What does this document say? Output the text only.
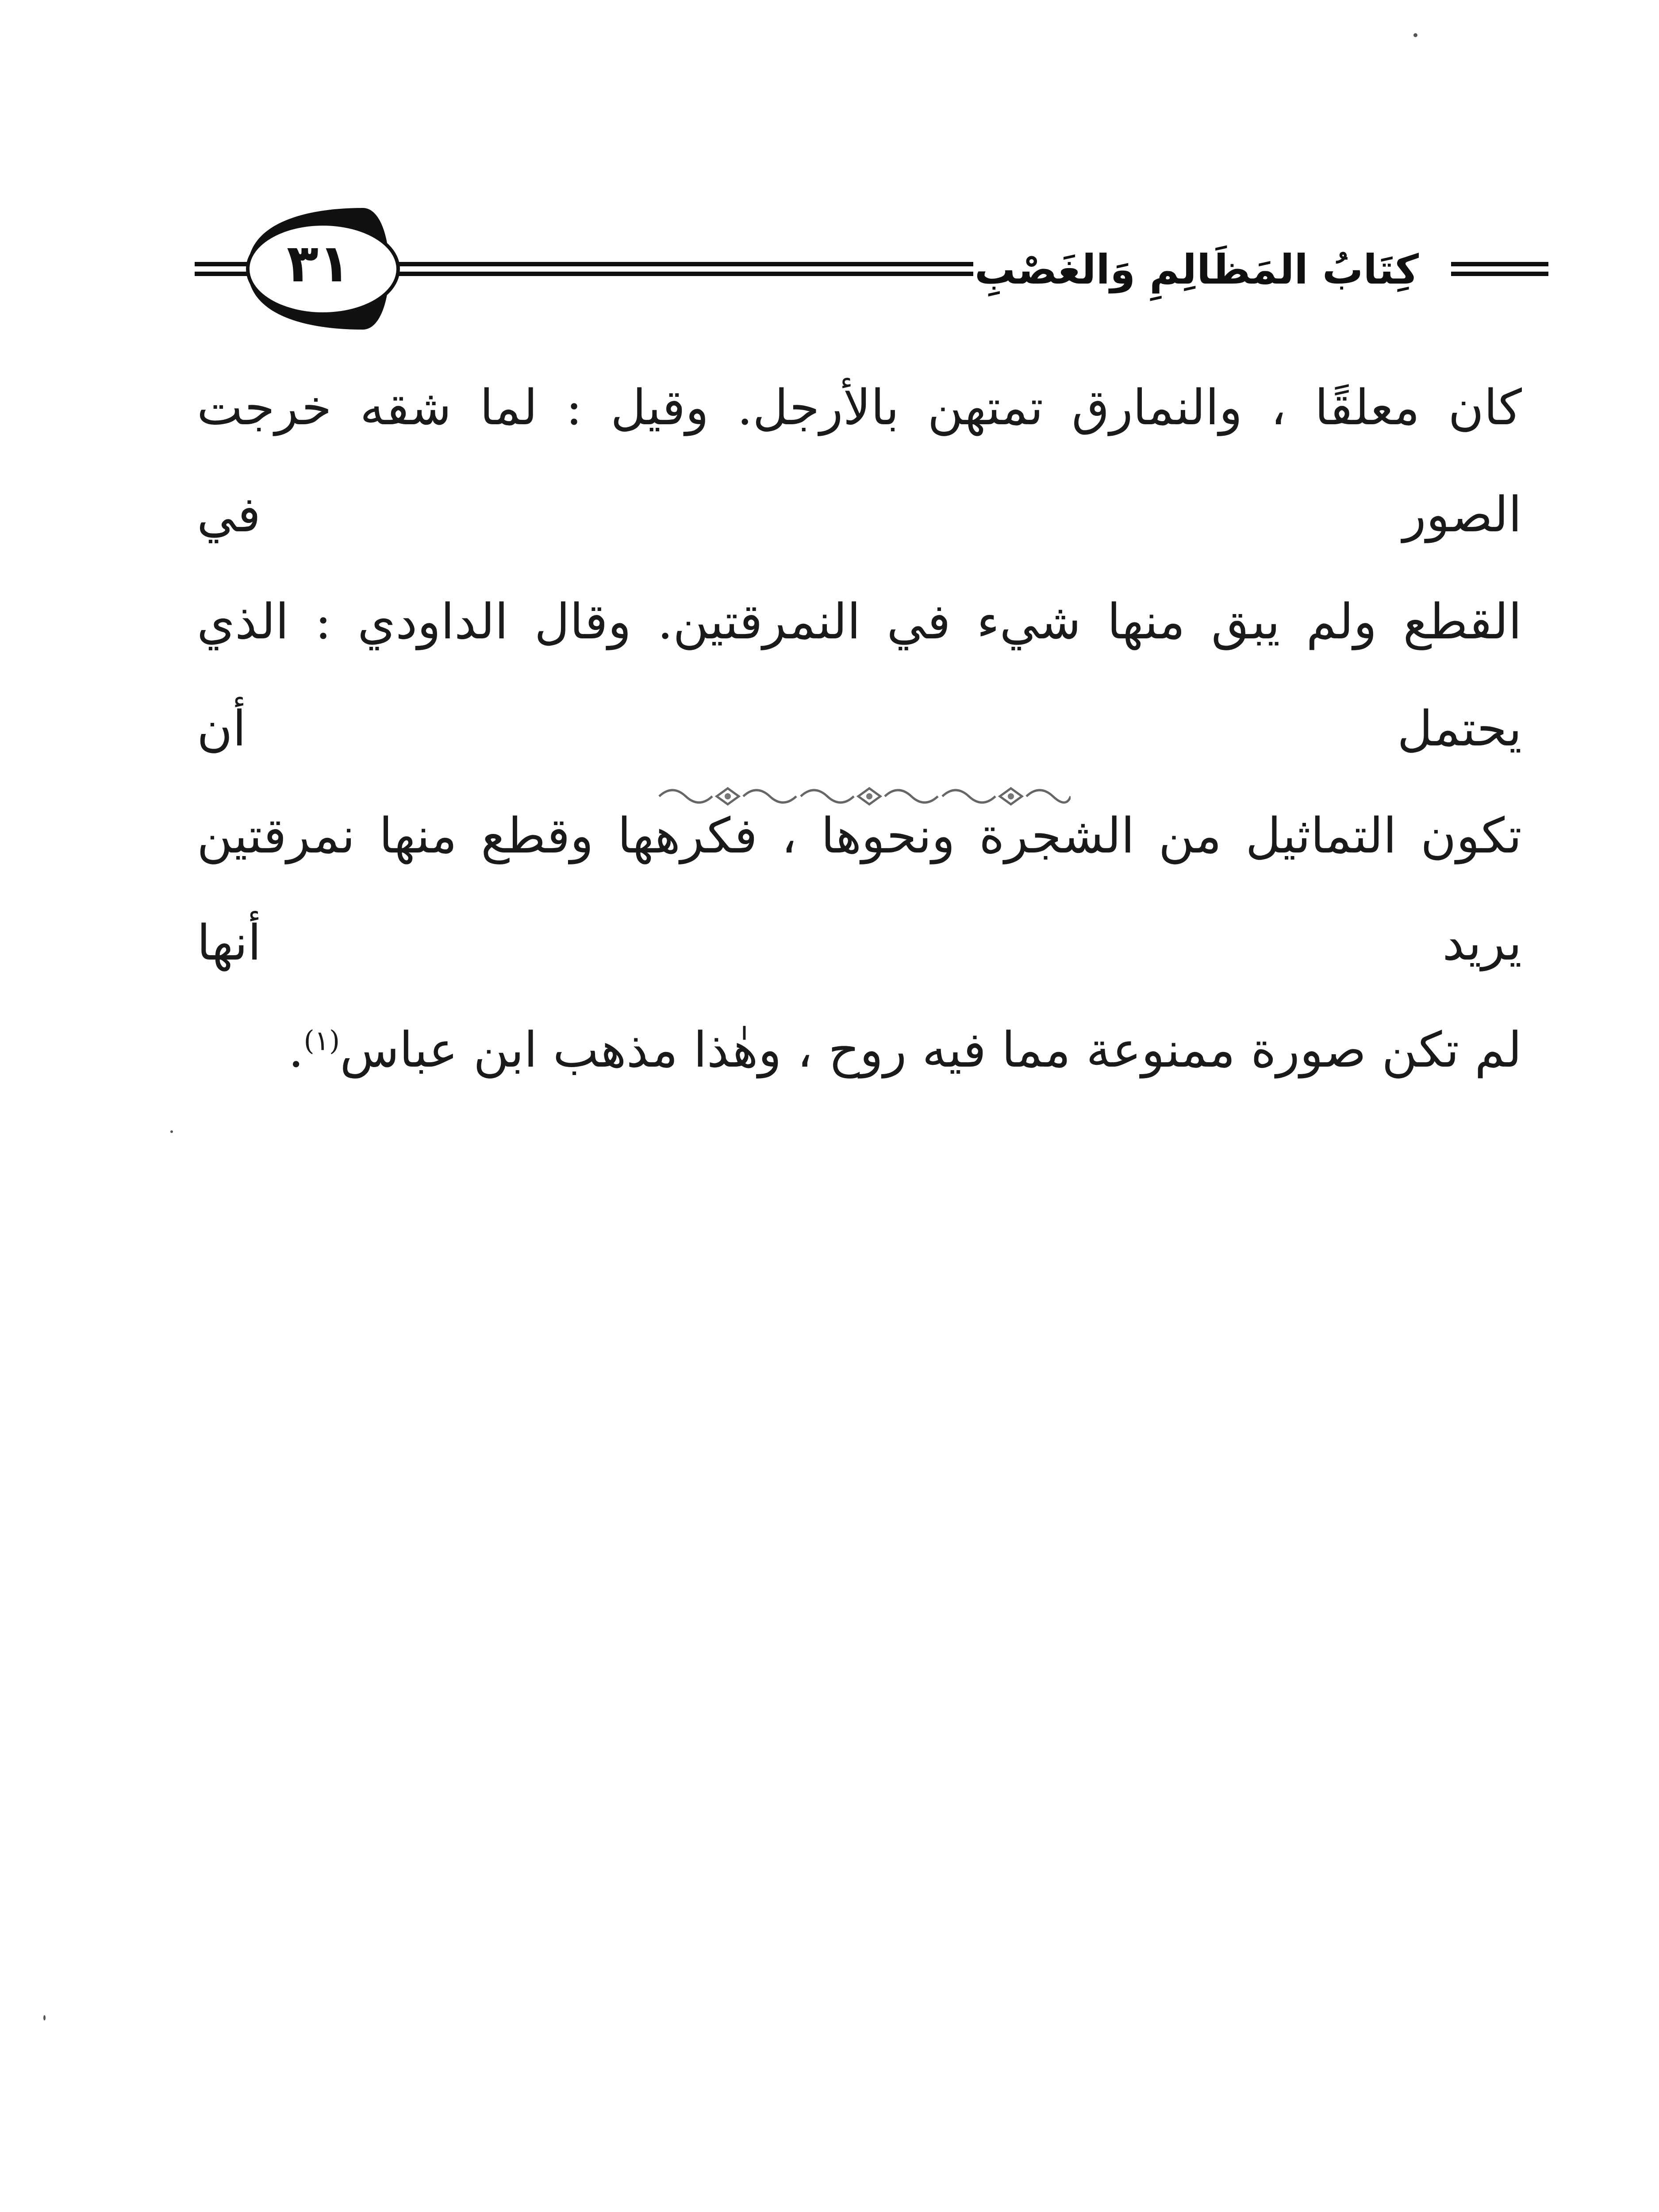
كِتَابُ المَظَالِمِ وَالغَصْبِ
٣١

كان معلقًا ، والنمارق تمتهن بالأرجل. وقيل : لما شقه خرجت الصور في

القطع ولم يبق منها شيء في النمرقتين. وقال الداودي : الذي يحتمل أن

تكون التماثيل من الشجرة ونحوها ، فكرهها وقطع منها نمرقتين يريد أنها

لم تكن صورة ممنوعة مما فيه روح ، وهٰذا مذهب ابن عباس$^{(١)}$.
